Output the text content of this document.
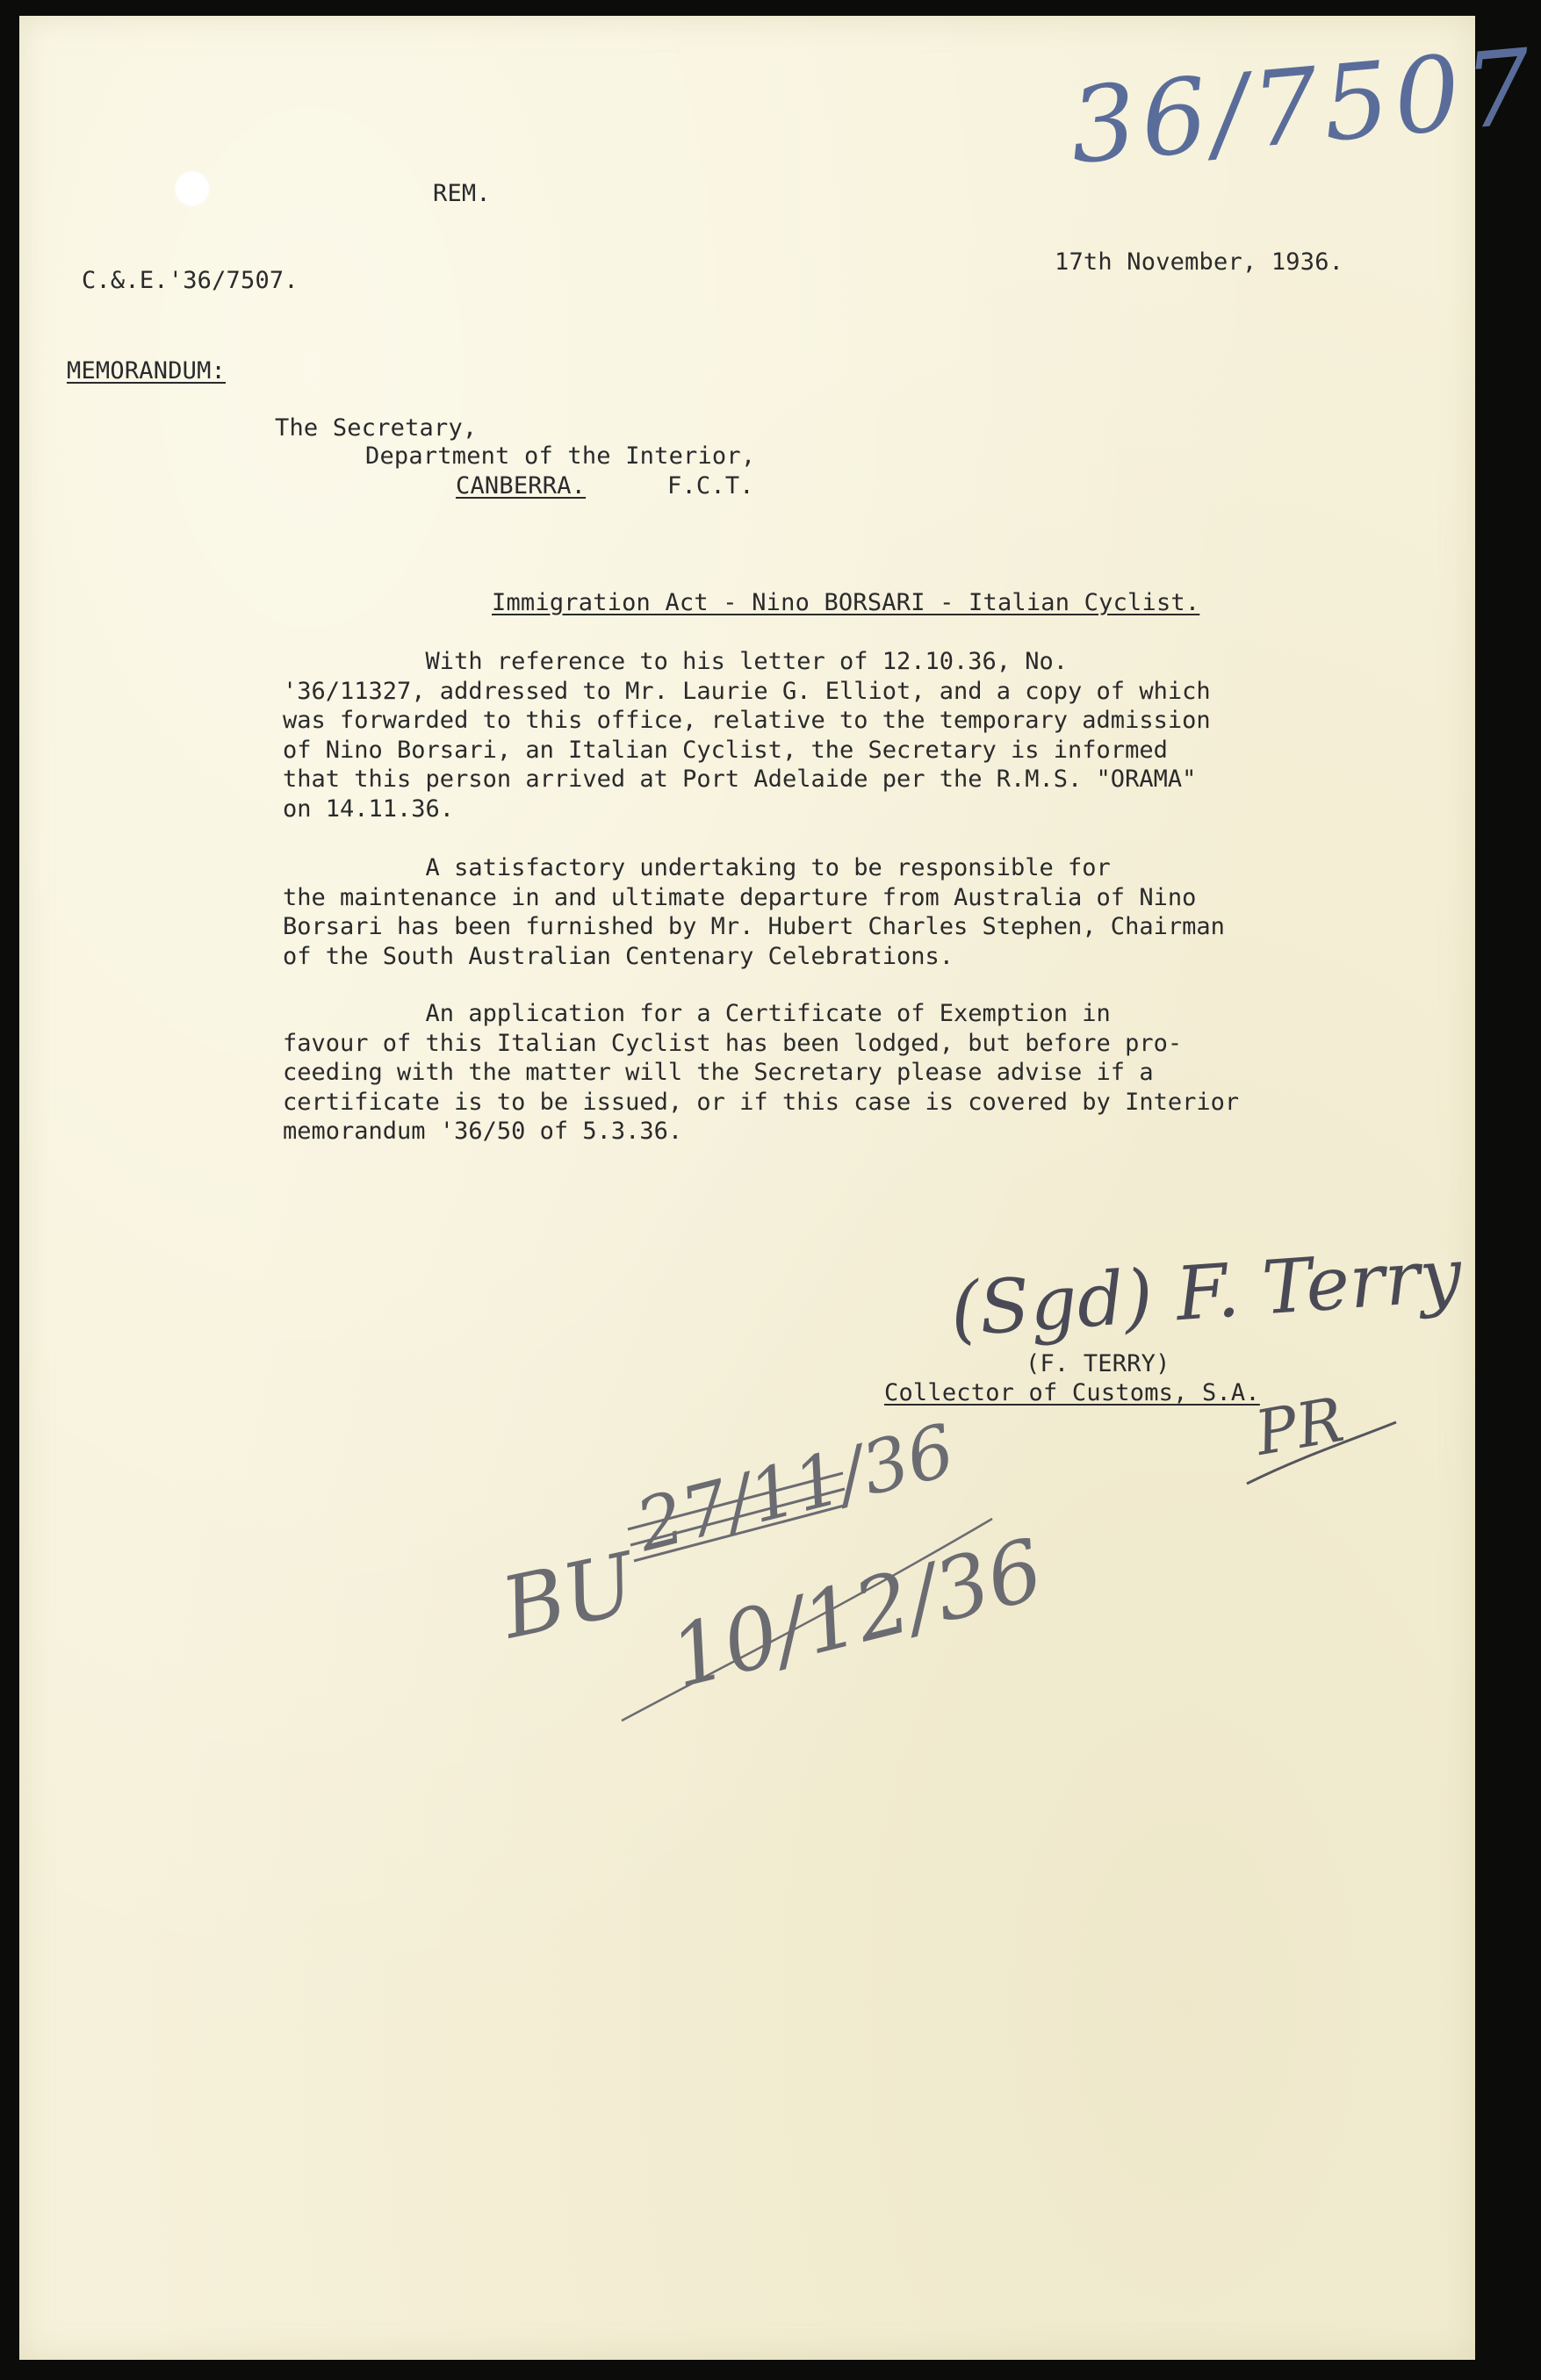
36/7507
REM.
C.&.E.'36/7507.
17th November, 1936.
MEMORANDUM:
The Secretary,
Department of the Interior,
CANBERRA.	F.C.T.
Immigration Act - Nino BORSARI - Italian Cyclist.
With reference to his letter of 12.10.36, No.
'36/11327, addressed to Mr. Laurie G. Elliot, and a copy of which
was forwarded to this office, relative to the temporary admission
of Nino Borsari, an Italian Cyclist, the Secretary is informed
that this person arrived at Port Adelaide per the R.M.S. "ORAMA"
on 14.11.36.
A satisfactory undertaking to be responsible for
the maintenance in and ultimate departure from Australia of Nino
Borsari has been furnished by Mr. Hubert Charles Stephen, Chairman
of the South Australian Centenary Celebrations.
An application for a Certificate of Exemption in
favour of this Italian Cyclist has been lodged, but before pro-
ceeding with the matter will the Secretary please advise if a
certificate is to be issued, or if this case is covered by Interior
memorandum '36/50 of 5.3.36.
(Sgd) F. Terry
(F. TERRY)
Collector of Customs, S.A.
PR
BU
27/11/36
10/12/36
